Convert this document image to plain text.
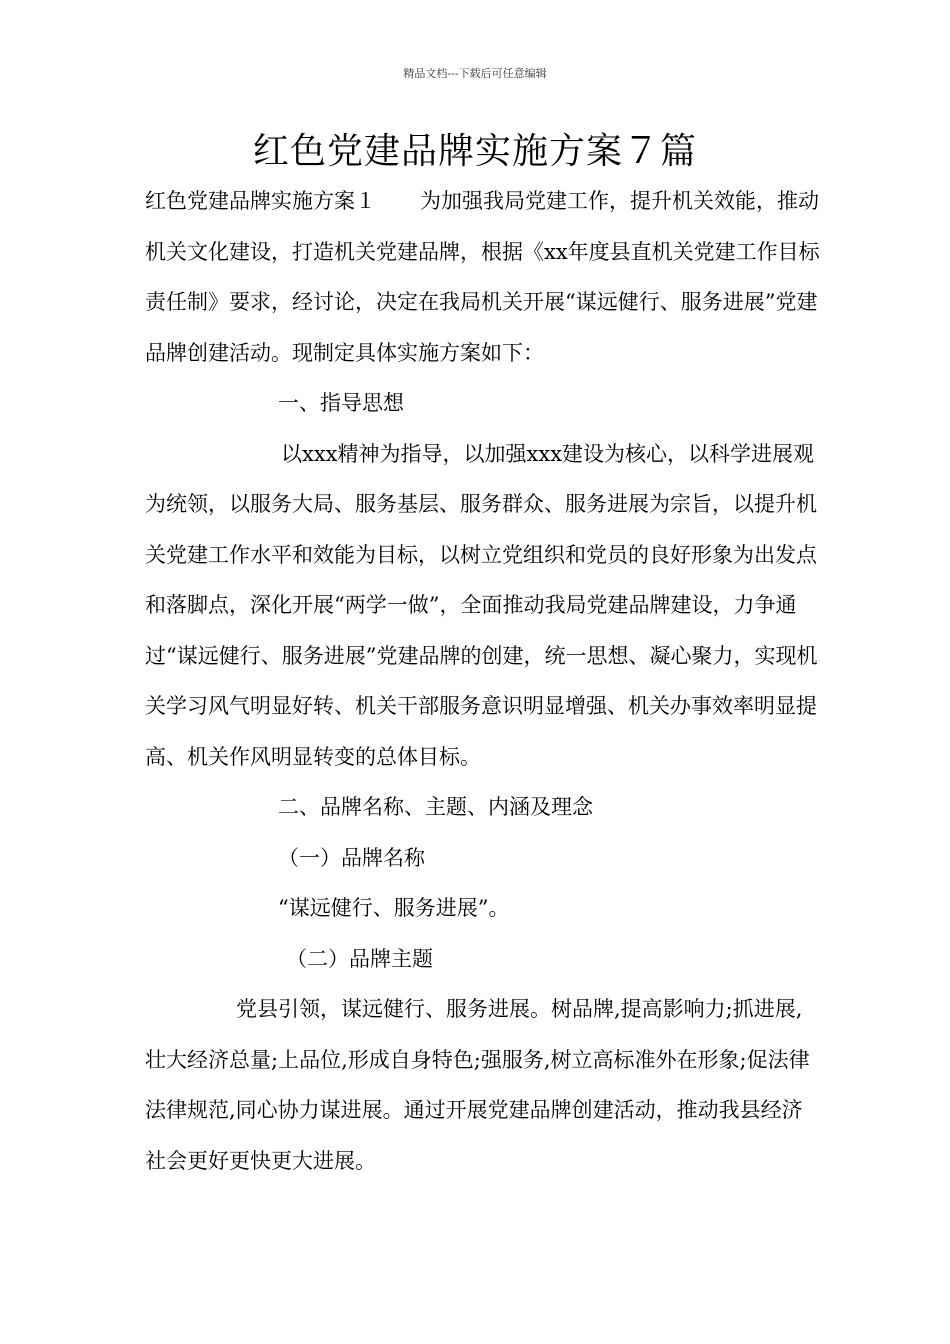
精品文档---下载后可任意编辑
红色党建品牌实施方案７篇

红色党建品牌实施方案１ 为加强我局党建工作，提升机关效能，推动机关文化建设，打造机关党建品牌，根据《xx年度县直机关党建工作目标责任制》要求，经讨论，决定在我局机关开展“谋远健行、服务进展”党建品牌创建活动。现制定具体实施方案如下：

一、指导思想

以xxx精神为指导，以加强xxx建设为核心，以科学进展观为统领，以服务大局、服务基层、服务群众、服务进展为宗旨，以提升机关党建工作水平和效能为目标，以树立党组织和党员的良好形象为出发点和落脚点，深化开展“两学一做”，全面推动我局党建品牌建设，力争通过“谋远健行、服务进展”党建品牌的创建，统一思想、凝心聚力，实现机关学习风气明显好转、机关干部服务意识明显增强、机关办事效率明显提高、机关作风明显转变的总体目标。

二、品牌名称、主题、内涵及理念

（一）品牌名称

“谋远健行、服务进展”。

（二）品牌主题

党县引领，谋远健行、服务进展。树品牌,提高影响力;抓进展,壮大经济总量;上品位,形成自身特色;强服务,树立高标准外在形象;促法律法律规范,同心协力谋进展。通过开展党建品牌创建活动，推动我县经济社会更好更快更大进展。
